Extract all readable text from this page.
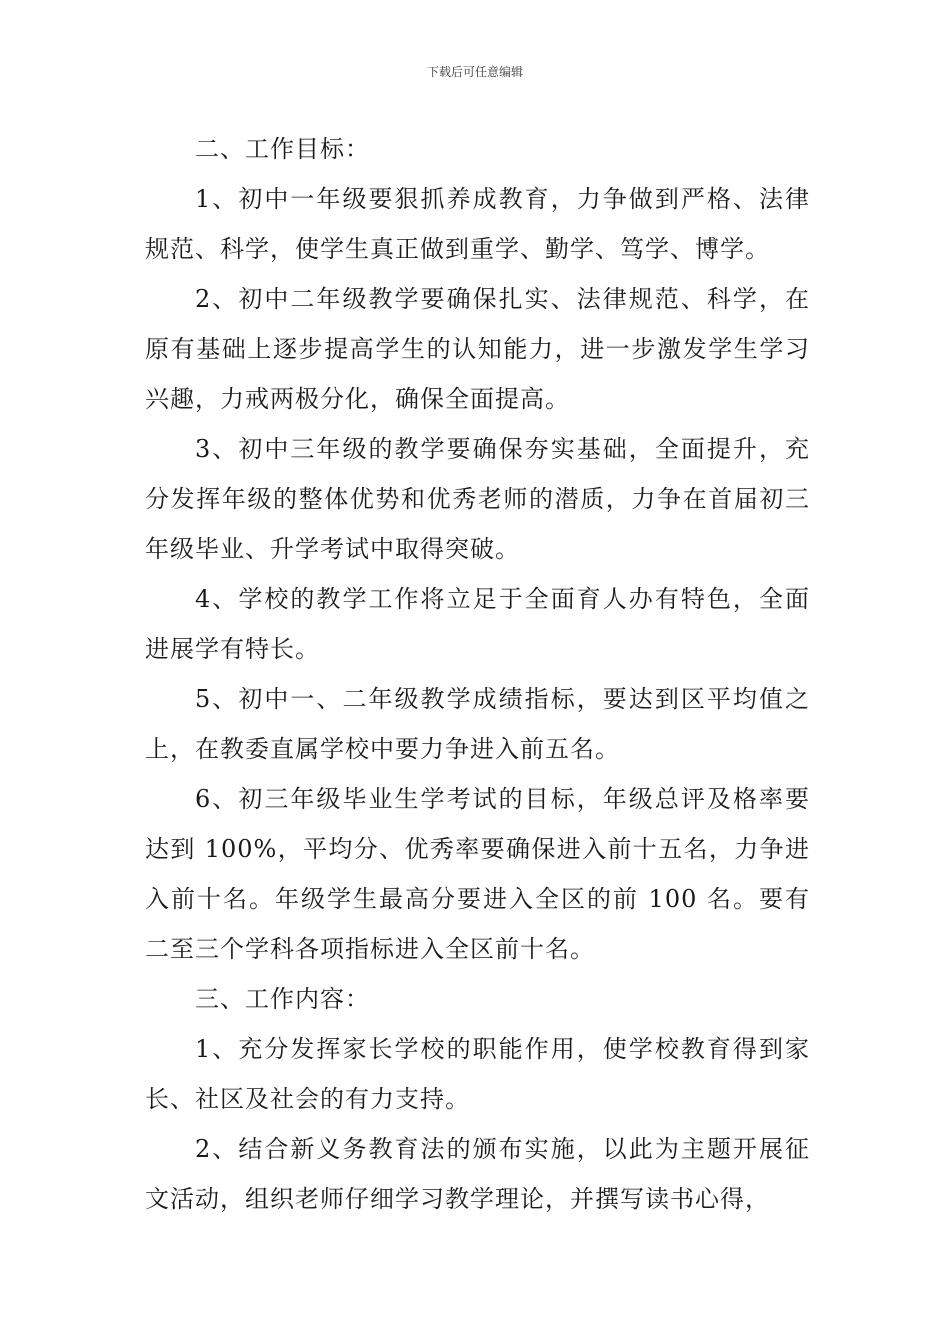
下载后可任意编辑

二、工作目标：

1、初中一年级要狠抓养成教育，力争做到严格、法律规范、科学，使学生真正做到重学、勤学、笃学、博学。

2、初中二年级教学要确保扎实、法律规范、科学，在原有基础上逐步提高学生的认知能力，进一步激发学生学习兴趣，力戒两极分化，确保全面提高。

3、初中三年级的教学要确保夯实基础，全面提升，充分发挥年级的整体优势和优秀老师的潜质，力争在首届初三年级毕业、升学考试中取得突破。

4、学校的教学工作将立足于全面育人办有特色，全面进展学有特长。

5、初中一、二年级教学成绩指标，要达到区平均值之上，在教委直属学校中要力争进入前五名。

6、初三年级毕业生学考试的目标，年级总评及格率要达到 100%，平均分、优秀率要确保进入前十五名，力争进入前十名。年级学生最高分要进入全区的前 100 名。要有二至三个学科各项指标进入全区前十名。

三、工作内容：

1、充分发挥家长学校的职能作用，使学校教育得到家长、社区及社会的有力支持。

2、结合新义务教育法的颁布实施，以此为主题开展征文活动，组织老师仔细学习教学理论，并撰写读书心得，
